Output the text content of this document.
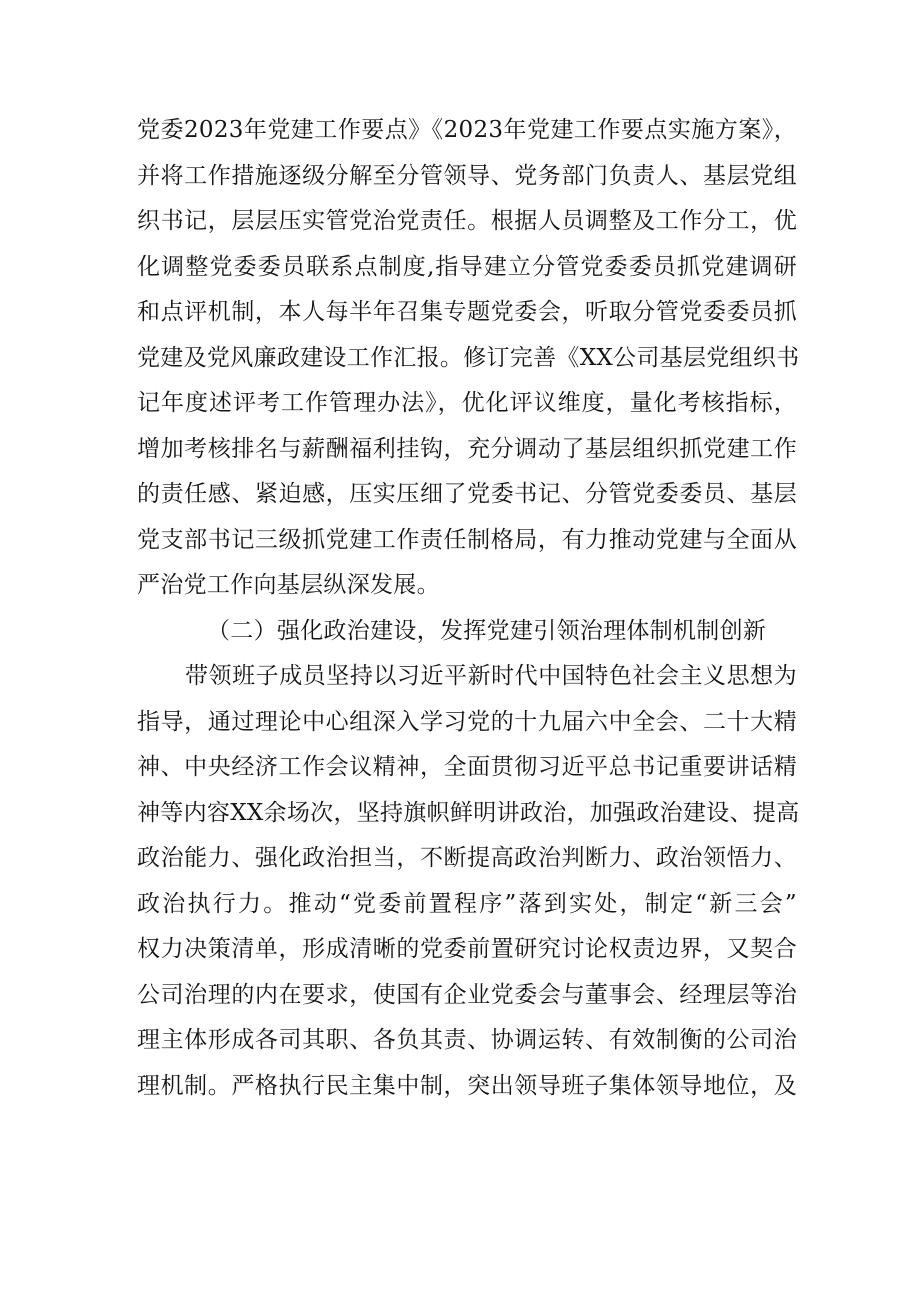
党委2023年党建工作要点》《2023年党建工作要点实施方案》，
并将工作措施逐级分解至分管领导、党务部门负责人、基层党组
织书记，层层压实管党治党责任。根据人员调整及工作分工，优
化调整党委委员联系点制度,指导建立分管党委委员抓党建调研
和点评机制，本人每半年召集专题党委会，听取分管党委委员抓
党建及党风廉政建设工作汇报。修订完善《XX公司基层党组织书
记年度述评考工作管理办法》，优化评议维度，量化考核指标，
增加考核排名与薪酬福利挂钩，充分调动了基层组织抓党建工作
的责任感、紧迫感，压实压细了党委书记、分管党委委员、基层
党支部书记三级抓党建工作责任制格局，有力推动党建与全面从
严治党工作向基层纵深发展。
（二）强化政治建设，发挥党建引领治理体制机制创新
带领班子成员坚持以习近平新时代中国特色社会主义思想为
指导，通过理论中心组深入学习党的十九届六中全会、二十大精
神、中央经济工作会议精神，全面贯彻习近平总书记重要讲话精
神等内容XX余场次，坚持旗帜鲜明讲政治，加强政治建设、提高
政治能力、强化政治担当，不断提高政治判断力、政治领悟力、
政治执行力。推动“党委前置程序”落到实处，制定“新三会”
权力决策清单，形成清晰的党委前置研究讨论权责边界，又契合
公司治理的内在要求，使国有企业党委会与董事会、经理层等治
理主体形成各司其职、各负其责、协调运转、有效制衡的公司治
理机制。严格执行民主集中制，突出领导班子集体领导地位，及
